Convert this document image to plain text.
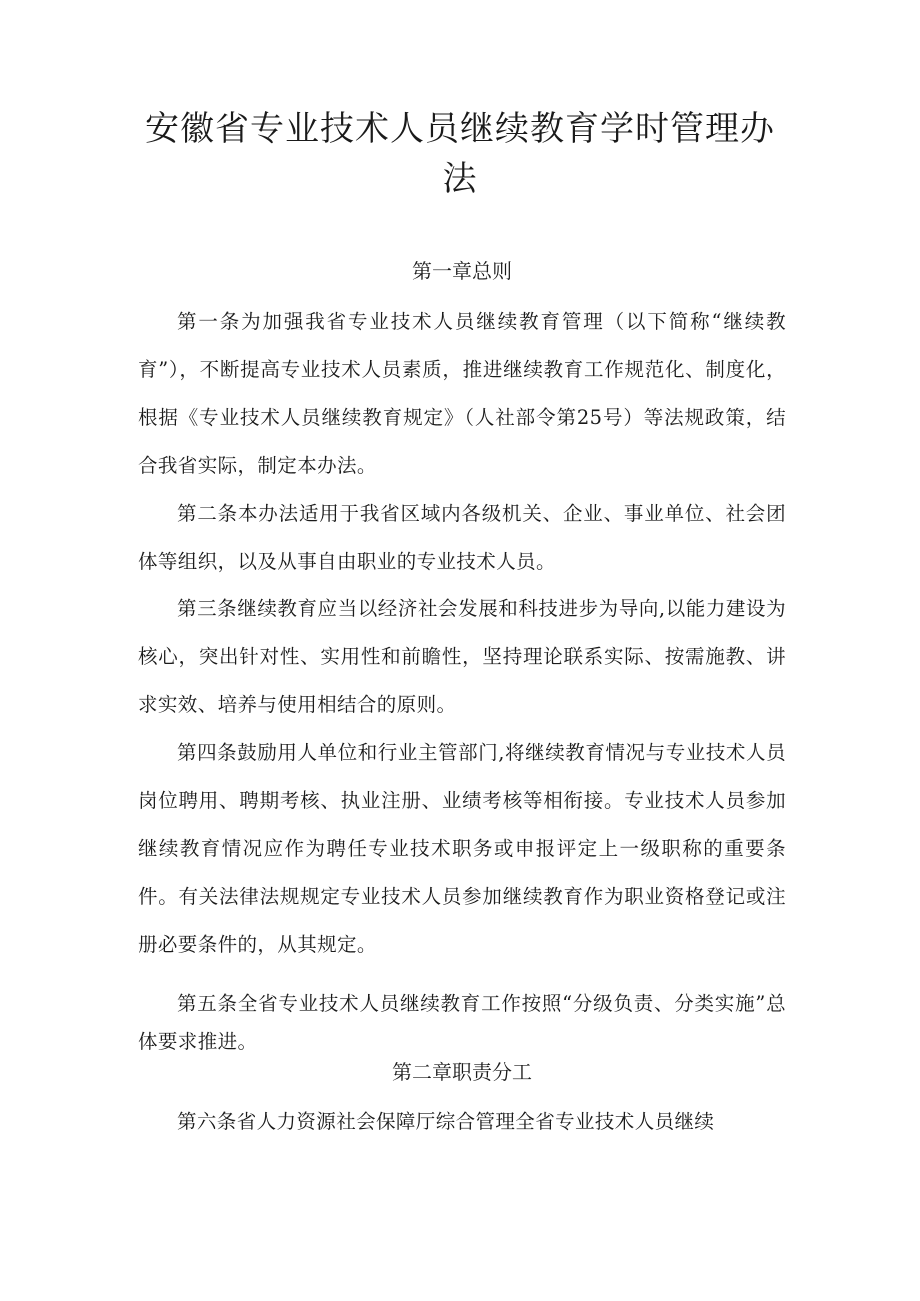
安徽省专业技术人员继续教育学时管理办法
第一章总则

第一条为加强我省专业技术人员继续教育管理（以下简称“继续教育”），不断提高专业技术人员素质，推进继续教育工作规范化、制度化，根据《专业技术人员继续教育规定》（人社部令第25号）等法规政策，结合我省实际，制定本办法。

第二条本办法适用于我省区域内各级机关、企业、事业单位、社会团体等组织，以及从事自由职业的专业技术人员。

第三条继续教育应当以经济社会发展和科技进步为导向,以能力建设为核心，突出针对性、实用性和前瞻性，坚持理论联系实际、按需施教、讲求实效、培养与使用相结合的原则。

第四条鼓励用人单位和行业主管部门,将继续教育情况与专业技术人员岗位聘用、聘期考核、执业注册、业绩考核等相衔接。专业技术人员参加继续教育情况应作为聘任专业技术职务或申报评定上一级职称的重要条件。有关法律法规规定专业技术人员参加继续教育作为职业资格登记或注册必要条件的，从其规定。

第五条全省专业技术人员继续教育工作按照“分级负责、分类实施”总体要求推进。

第二章职责分工

第六条省人力资源社会保障厅综合管理全省专业技术人员继续
